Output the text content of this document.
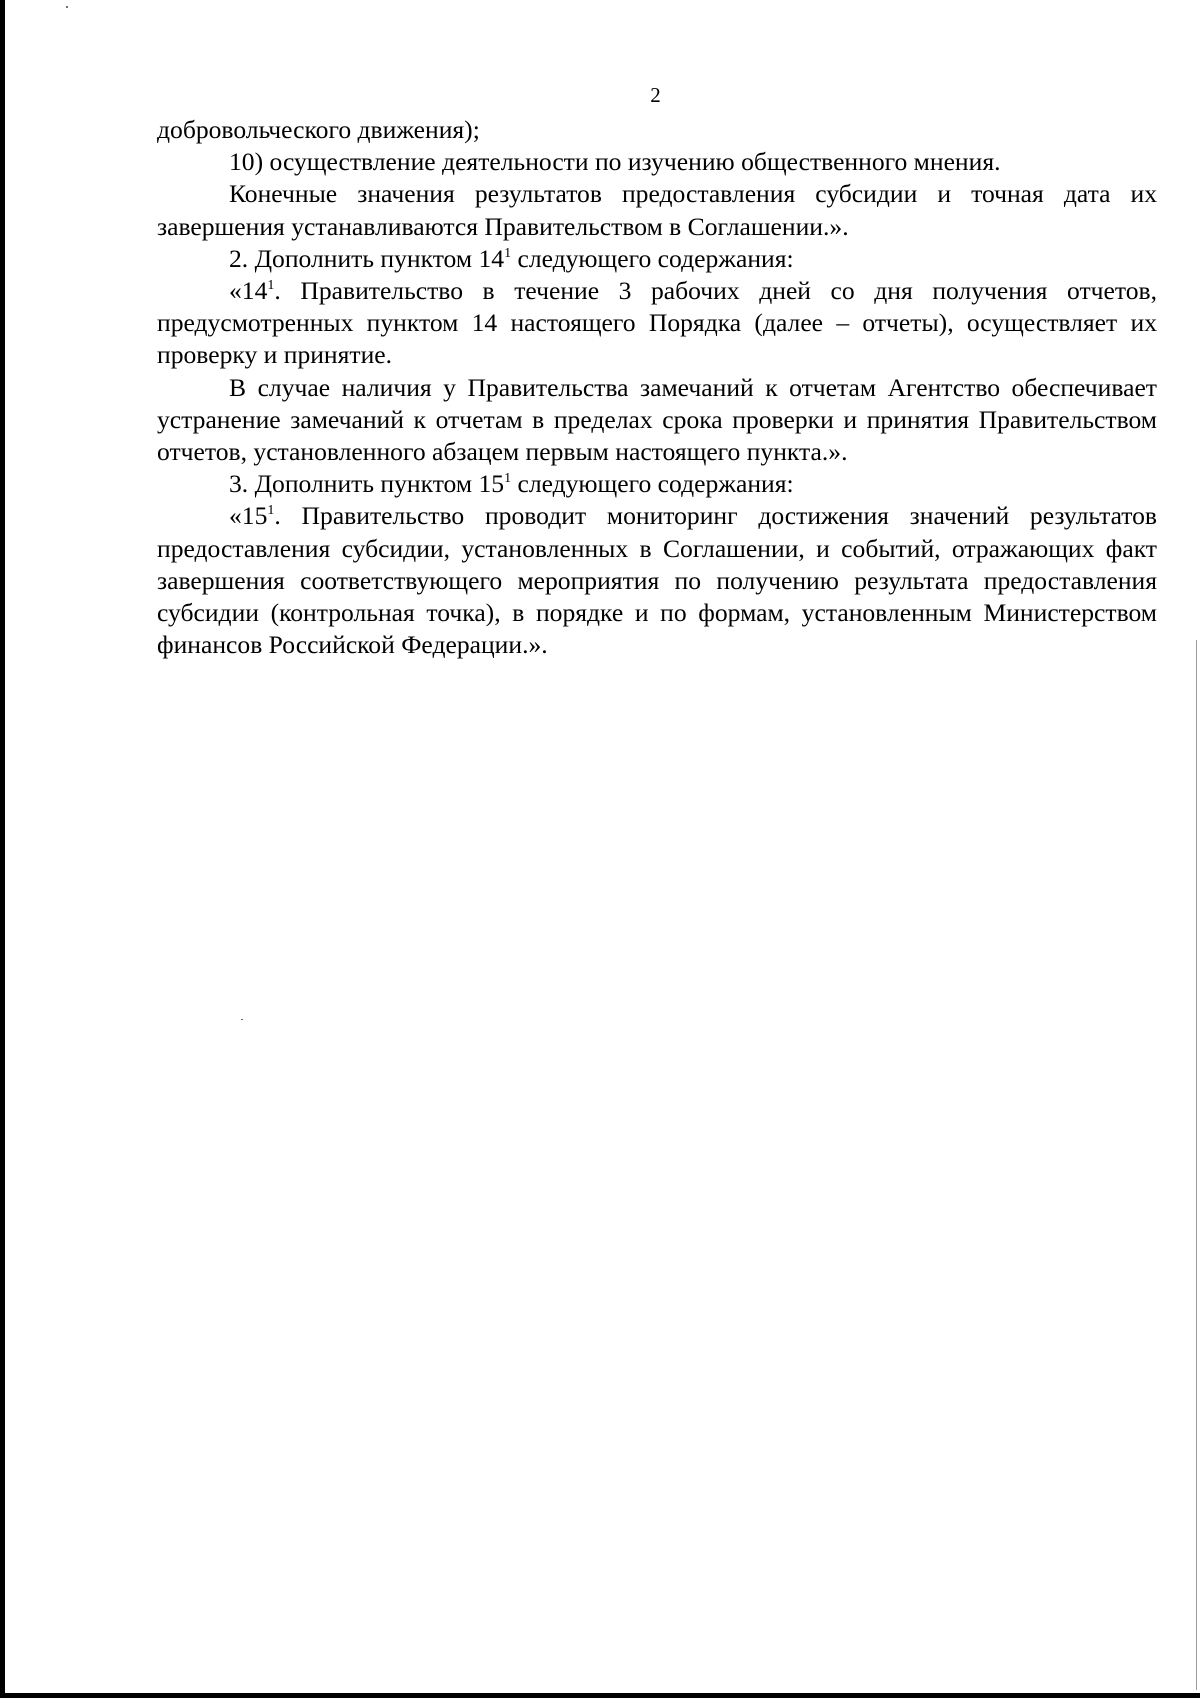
2

добровольческого движения);

10) осуществление деятельности по изучению общественного мнения.

Конечные значения результатов предоставления субсидии и точная дата их завершения устанавливаются Правительством в Соглашении.».

2. Дополнить пунктом $14^1$ следующего содержания:

«$14^1$. Правительство в течение 3 рабочих дней со дня получения отчетов, предусмотренных пунктом 14 настоящего Порядка (далее – отчеты), осуществляет их проверку и принятие.

В случае наличия у Правительства замечаний к отчетам Агентство обеспечивает устранение замечаний к отчетам в пределах срока проверки и принятия Правительством отчетов, установленного абзацем первым настоящего пункта.».

3. Дополнить пунктом $15^1$ следующего содержания:

«$15^1$. Правительство проводит мониторинг достижения значений результатов предоставления субсидии, установленных в Соглашении, и событий, отражающих факт завершения соответствующего мероприятия по получению результата предоставления субсидии (контрольная точка), в порядке и по формам, установленным Министерством финансов Российской Федерации.».
